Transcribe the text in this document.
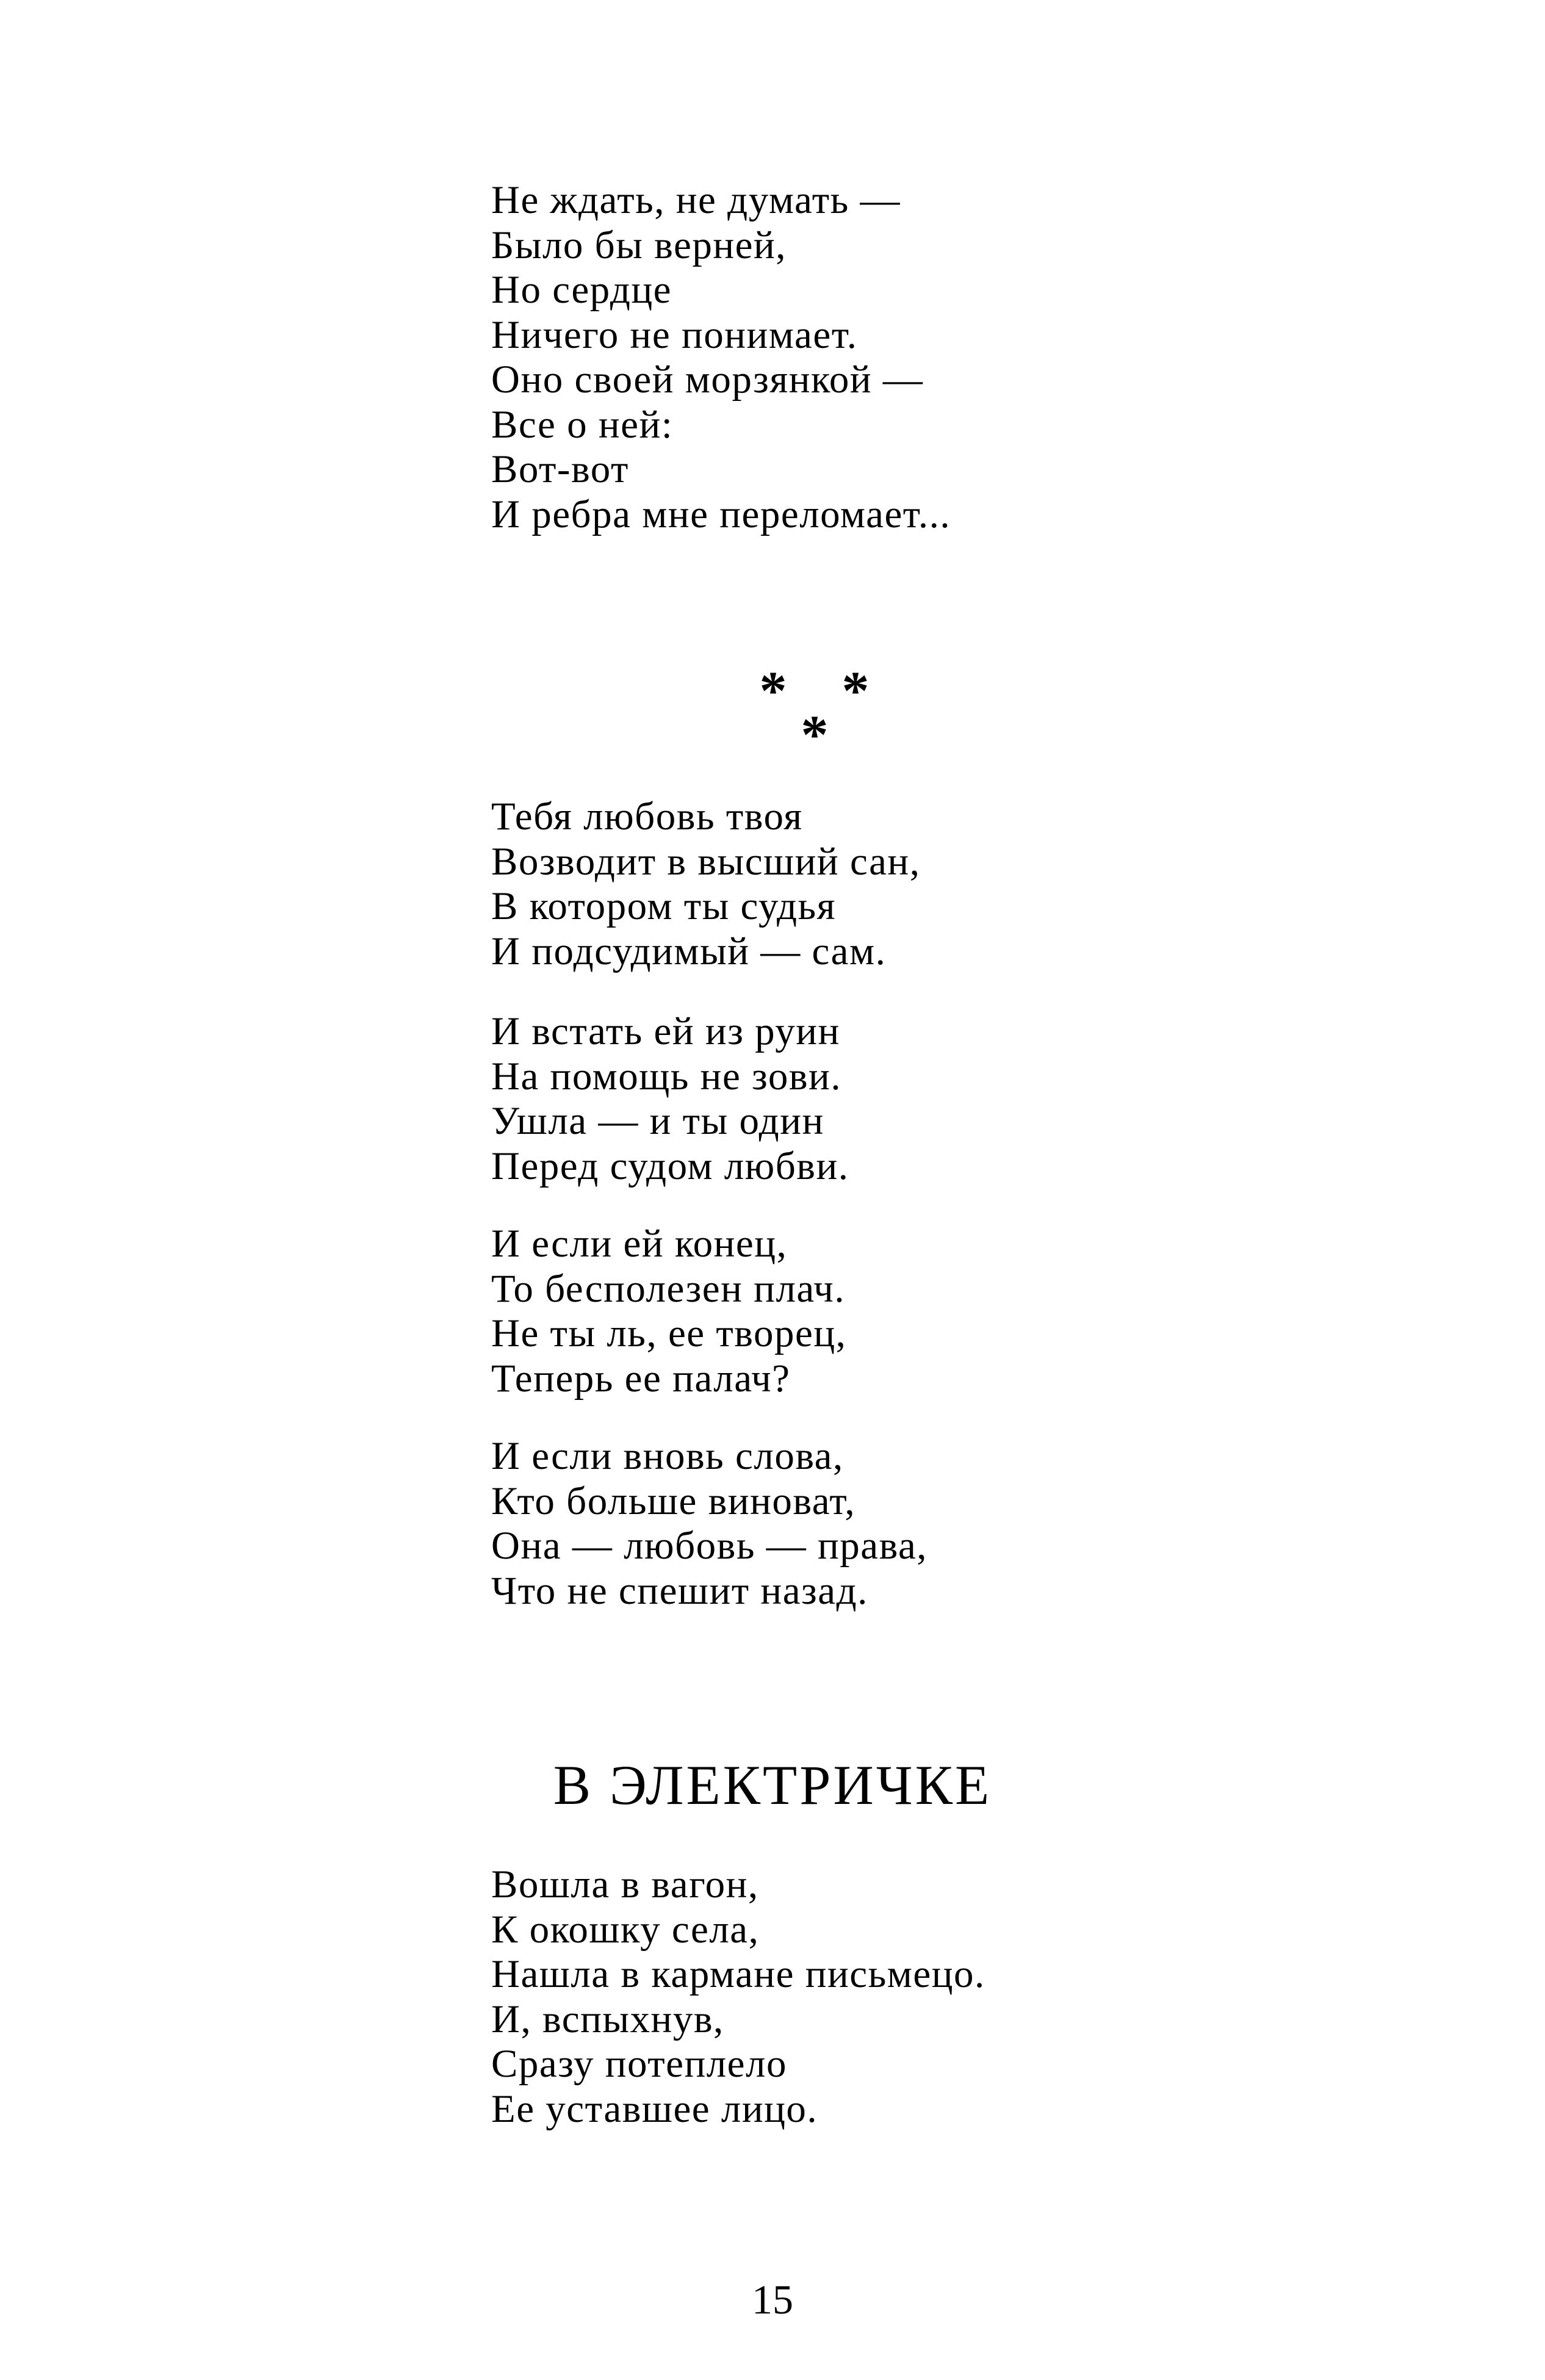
Не ждать, не думать —
Было бы верней,
Но сердце
Ничего не понимает.
Оно своей морзянкой —
Все о ней:
Вот-вот
И ребра мне переломает...
* *
*
Тебя любовь твоя
Возводит в высший сан,
В котором ты судья
И подсудимый — сам.
И встать ей из руин
На помощь не зови.
Ушла — и ты один
Перед судом любви.
И если ей конец,
То бесполезен плач.
Не ты ль, ее творец,
Теперь ее палач?
И если вновь слова,
Кто больше виноват,
Она — любовь — права,
Что не спешит назад.
В ЭЛЕКТРИЧКЕ
Вошла в вагон,
К окошку села,
Нашла в кармане письмецо.
И, вспыхнув,
Сразу потеплело
Ее уставшее лицо.
15
